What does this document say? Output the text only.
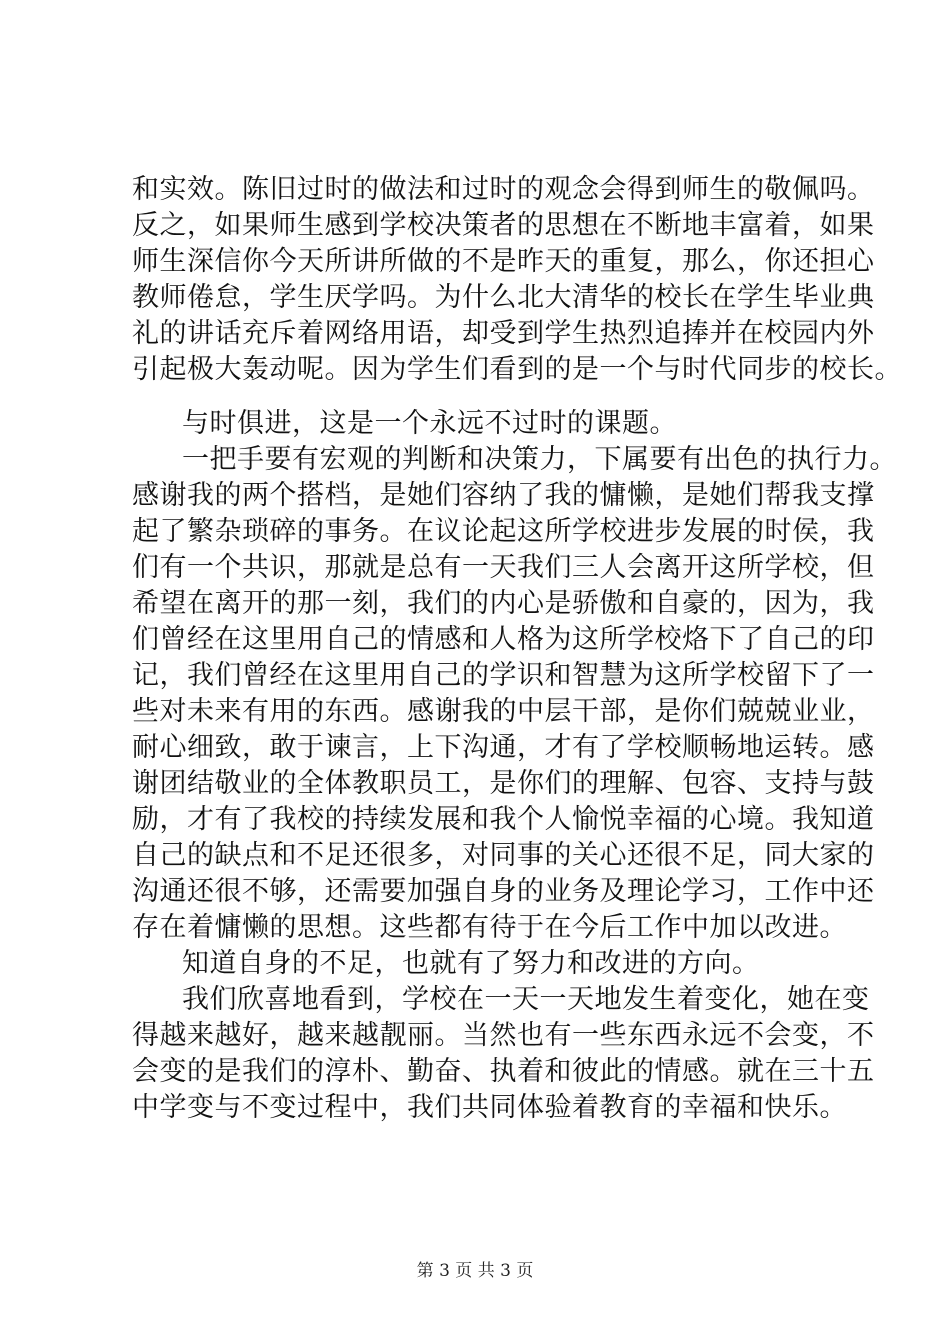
和实效。陈旧过时的做法和过时的观念会得到师生的敬佩吗。
反之，如果师生感到学校决策者的思想在不断地丰富着，如果
师生深信你今天所讲所做的不是昨天的重复，那么，你还担心
教师倦怠，学生厌学吗。为什么北大清华的校长在学生毕业典
礼的讲话充斥着网络用语，却受到学生热烈追捧并在校园内外
引起极大轰动呢。因为学生们看到的是一个与时代同步的校长。
与时俱进，这是一个永远不过时的课题。
一把手要有宏观的判断和决策力，下属要有出色的执行力。
感谢我的两个搭档，是她们容纳了我的慵懒，是她们帮我支撑
起了繁杂琐碎的事务。在议论起这所学校进步发展的时侯，我
们有一个共识，那就是总有一天我们三人会离开这所学校，但
希望在离开的那一刻，我们的内心是骄傲和自豪的，因为，我
们曾经在这里用自己的情感和人格为这所学校烙下了自己的印
记，我们曾经在这里用自己的学识和智慧为这所学校留下了一
些对未来有用的东西。感谢我的中层干部，是你们兢兢业业，
耐心细致，敢于谏言，上下沟通，才有了学校顺畅地运转。感
谢团结敬业的全体教职员工，是你们的理解、包容、支持与鼓
励，才有了我校的持续发展和我个人愉悦幸福的心境。我知道
自己的缺点和不足还很多，对同事的关心还很不足，同大家的
沟通还很不够，还需要加强自身的业务及理论学习，工作中还
存在着慵懒的思想。这些都有待于在今后工作中加以改进。
知道自身的不足，也就有了努力和改进的方向。
我们欣喜地看到，学校在一天一天地发生着变化，她在变
得越来越好，越来越靓丽。当然也有一些东西永远不会变，不
会变的是我们的淳朴、勤奋、执着和彼此的情感。就在三十五
中学变与不变过程中，我们共同体验着教育的幸福和快乐。
第 3 页 共 3 页
